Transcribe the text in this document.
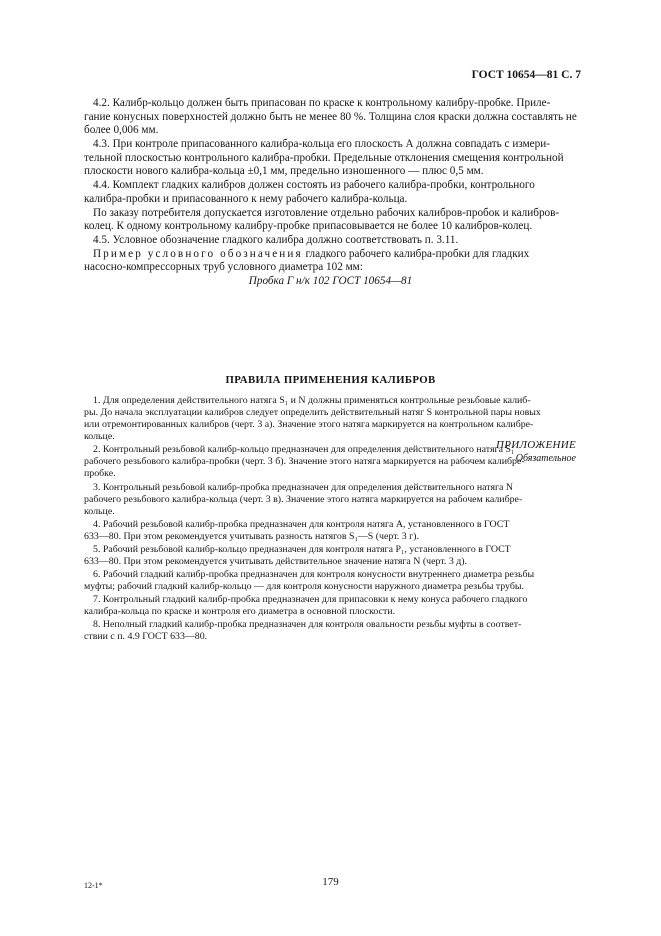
ГОСТ 10654—81 С. 7
4.2. Калибр-кольцо должен быть припасован по краске к контрольному калибру-пробке. Приле-
гание конусных поверхностей должно быть не менее 80 %. Толщина слоя краски должна составлять не
более 0,006 мм.
4.3. При контроле припасованного калибра-кольца его плоскость А должна совпадать с измери-
тельной плоскостью контрольного калибра-пробки. Предельные отклонения смещения контрольной
плоскости нового калибра-кольца ±0,1 мм, предельно изношенного — плюс 0,5 мм.
4.4. Комплект гладких калибров должен состоять из рабочего калибра-пробки, контрольного
калибра-пробки и припасованного к нему рабочего калибра-кольца.
По заказу потребителя допускается изготовление отдельно рабочих калибров-пробок и калибров-
колец. К одному контрольному калибру-пробке припасовывается не более 10 калибров-колец.
4.5. Условное обозначение гладкого калибра должно соответствовать п. 3.11.
Пример условного обозначения гладкого рабочего калибра-пробки для гладких
насосно-компрессорных труб условного диаметра 102 мм:
Пробка Г н/к 102 ГОСТ 10654—81
ПРИЛОЖЕНИЕ
Обязательное
ПРАВИЛА ПРИМЕНЕНИЯ КАЛИБРОВ
1. Для определения действительного натяга S₁ и N должны применяться контрольные резьбовые калиб-
ры. До начала эксплуатации калибров следует определить действительный натяг S контрольной пары новых
или отремонтированных калибров (черт. 3 а). Значение этого натяга маркируется на контрольном калибре-
кольце.
2. Контрольный резьбовой калибр-кольцо предназначен для определения действительного натяга S₁
рабочего резьбового калибра-пробки (черт. 3 б). Значение этого натяга маркируется на рабочем калибре-
пробке.
3. Контрольный резьбовой калибр-пробка предназначен для определения действительного натяга N
рабочего резьбового калибра-кольца (черт. 3 в). Значение этого натяга маркируется на рабочем калибре-
кольце.
4. Рабочий резьбовой калибр-пробка предназначен для контроля натяга А, установленного в ГОСТ
633—80. При этом рекомендуется учитывать разность натягов S₁—S (черт. 3 г).
5. Рабочий резьбовой калибр-кольцо предназначен для контроля натяга P₁, установленного в ГОСТ
633—80. При этом рекомендуется учитывать действительное значение натяга N (черт. 3 д).
6. Рабочий гладкий калибр-пробка предназначен для контроля конусности внутреннего диаметра резьбы
муфты; рабочий гладкий калибр-кольцо — для контроля конусности наружного диаметра резьбы трубы.
7. Контрольный гладкий калибр-пробка предназначен для припасовки к нему конуса рабочего гладкого
калибра-кольца по краске и контроля его диаметра в основной плоскости.
8. Неполный гладкий калибр-пробка предназначен для контроля овальности резьбы муфты в соответ-
ствии с п. 4.9 ГОСТ 633—80.
179
12-1*
